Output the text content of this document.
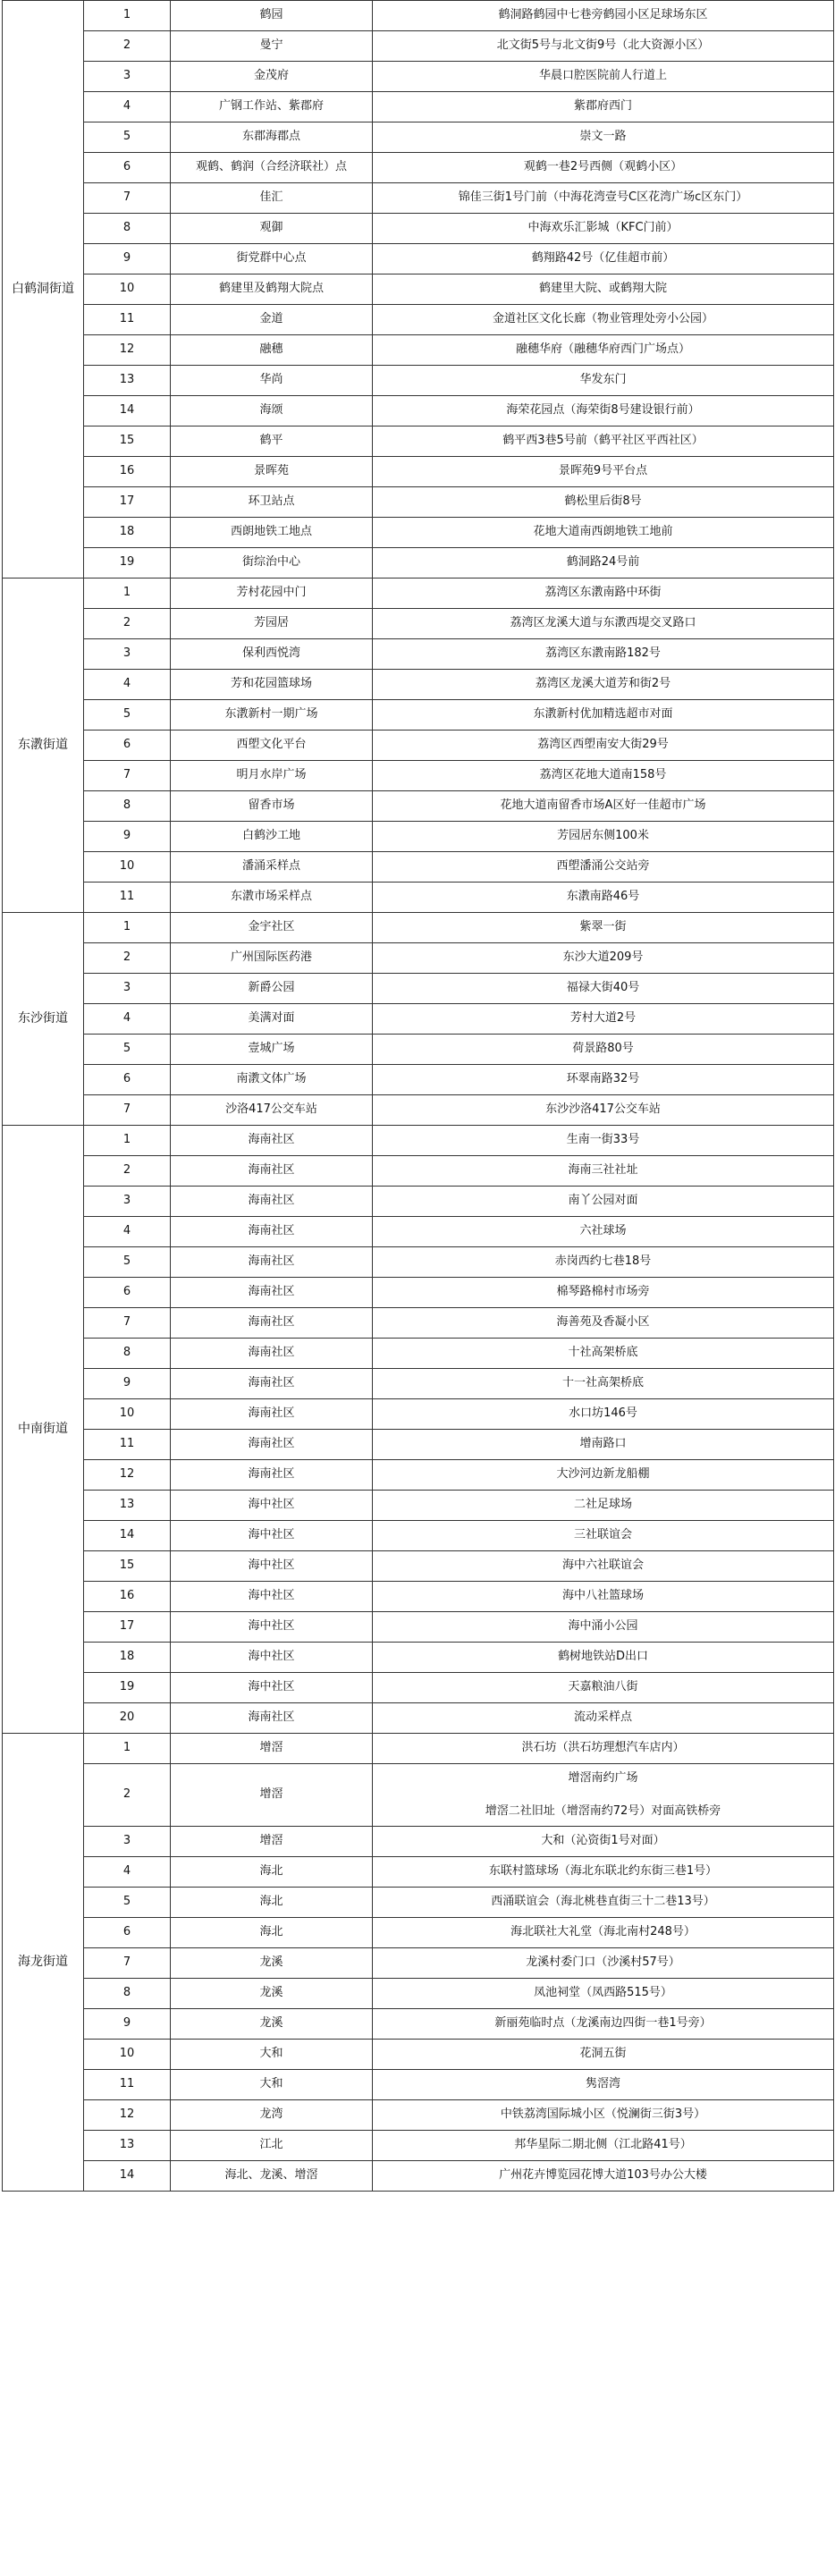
白鹤洞街道	1	鹤园	鹤洞路鹤园中七巷旁鹤园小区足球场东区
	2	曼宁	北文街5号与北文街9号（北大资源小区）
	3	金茂府	华晨口腔医院前人行道上
	4	广钢工作站、紫郡府	紫郡府西门
	5	东郡海郡点	崇文一路
	6	观鹤、鹤润（合经济联社）点	观鹤一巷2号西侧（观鹤小区）
	7	佳汇	锦佳三街1号门前（中海花湾壹号C区花湾广场c区东门）
	8	观御	中海欢乐汇影城（KFC门前）
	9	街党群中心点	鹤翔路42号（亿佳超市前）
	10	鹤建里及鹤翔大院点	鹤建里大院、或鹤翔大院
	11	金道	金道社区文化长廊（物业管理处旁小公园）
	12	融穗	融穗华府（融穗华府西门广场点）
	13	华尚	华发东门
	14	海颂	海荣花园点（海荣街8号建设银行前）
	15	鹤平	鹤平西3巷5号前（鹤平社区平西社区）
	16	景晖苑	景晖苑9号平台点
	17	环卫站点	鹤松里后街8号
	18	西朗地铁工地点	花地大道南西朗地铁工地前
	19	街综治中心	鹤洞路24号前
东漖街道	1	芳村花园中门	荔湾区东漖南路中环街
	2	芳园居	荔湾区龙溪大道与东漖西堤交叉路口
	3	保利西悦湾	荔湾区东漖南路182号
	4	芳和花园篮球场	荔湾区龙溪大道芳和街2号
	5	东漖新村一期广场	东漖新村优加精选超市对面
	6	西塱文化平台	荔湾区西塱南安大街29号
	7	明月水岸广场	荔湾区花地大道南158号
	8	留香市场	花地大道南留香市场A区好一佳超市广场
	9	白鹤沙工地	芳园居东侧100米
	10	潘涌采样点	西塱潘涌公交站旁
	11	东漖市场采样点	东漖南路46号
东沙街道	1	金宇社区	紫翠一街
	2	广州国际医药港	东沙大道209号
	3	新爵公园	福禄大街40号
	4	美满对面	芳村大道2号
	5	壹城广场	荷景路80号
	6	南漖文体广场	环翠南路32号
	7	沙洛417公交车站	东沙沙洛417公交车站
中南街道	1	海南社区	生南一街33号
	2	海南社区	海南三社社址
	3	海南社区	南丫公园对面
	4	海南社区	六社球场
	5	海南社区	赤岗西约七巷18号
	6	海南社区	棉琴路棉村市场旁
	7	海南社区	海善苑及香凝小区
	8	海南社区	十社高架桥底
	9	海南社区	十一社高架桥底
	10	海南社区	水口坊146号
	11	海南社区	增南路口
	12	海南社区	大沙河边新龙船棚
	13	海中社区	二社足球场
	14	海中社区	三社联谊会
	15	海中社区	海中六社联谊会
	16	海中社区	海中八社篮球场
	17	海中社区	海中涌小公园
	18	海中社区	鹤树地铁站D出口
	19	海中社区	天嘉粮油八街
	20	海南社区	流动采样点
海龙街道	1	增滘	洪石坊（洪石坊理想汽车店内）
	2	增滘	增滘南约广场

增滘二社旧址（增滘南约72号）对面高铁桥旁

	3	增滘	大和（沁资街1号对面）
	4	海北	东联村篮球场（海北东联北约东街三巷1号）
	5	海北	西涌联谊会（海北桃巷直街三十二巷13号）
	6	海北	海北联社大礼堂（海北南村248号）
	7	龙溪	龙溪村委门口（沙溪村57号）
	8	龙溪	凤池祠堂（凤西路515号）
	9	龙溪	新丽苑临时点（龙溪南边四街一巷1号旁）
	10	大和	花洞五街
	11	大和	隽滘湾
	12	龙湾	中铁荔湾国际城小区（悦澜街三街3号）
	13	江北	邦华星际二期北侧（江北路41号）
	14	海北、龙溪、增滘	广州花卉博览园花博大道103号办公大楼
